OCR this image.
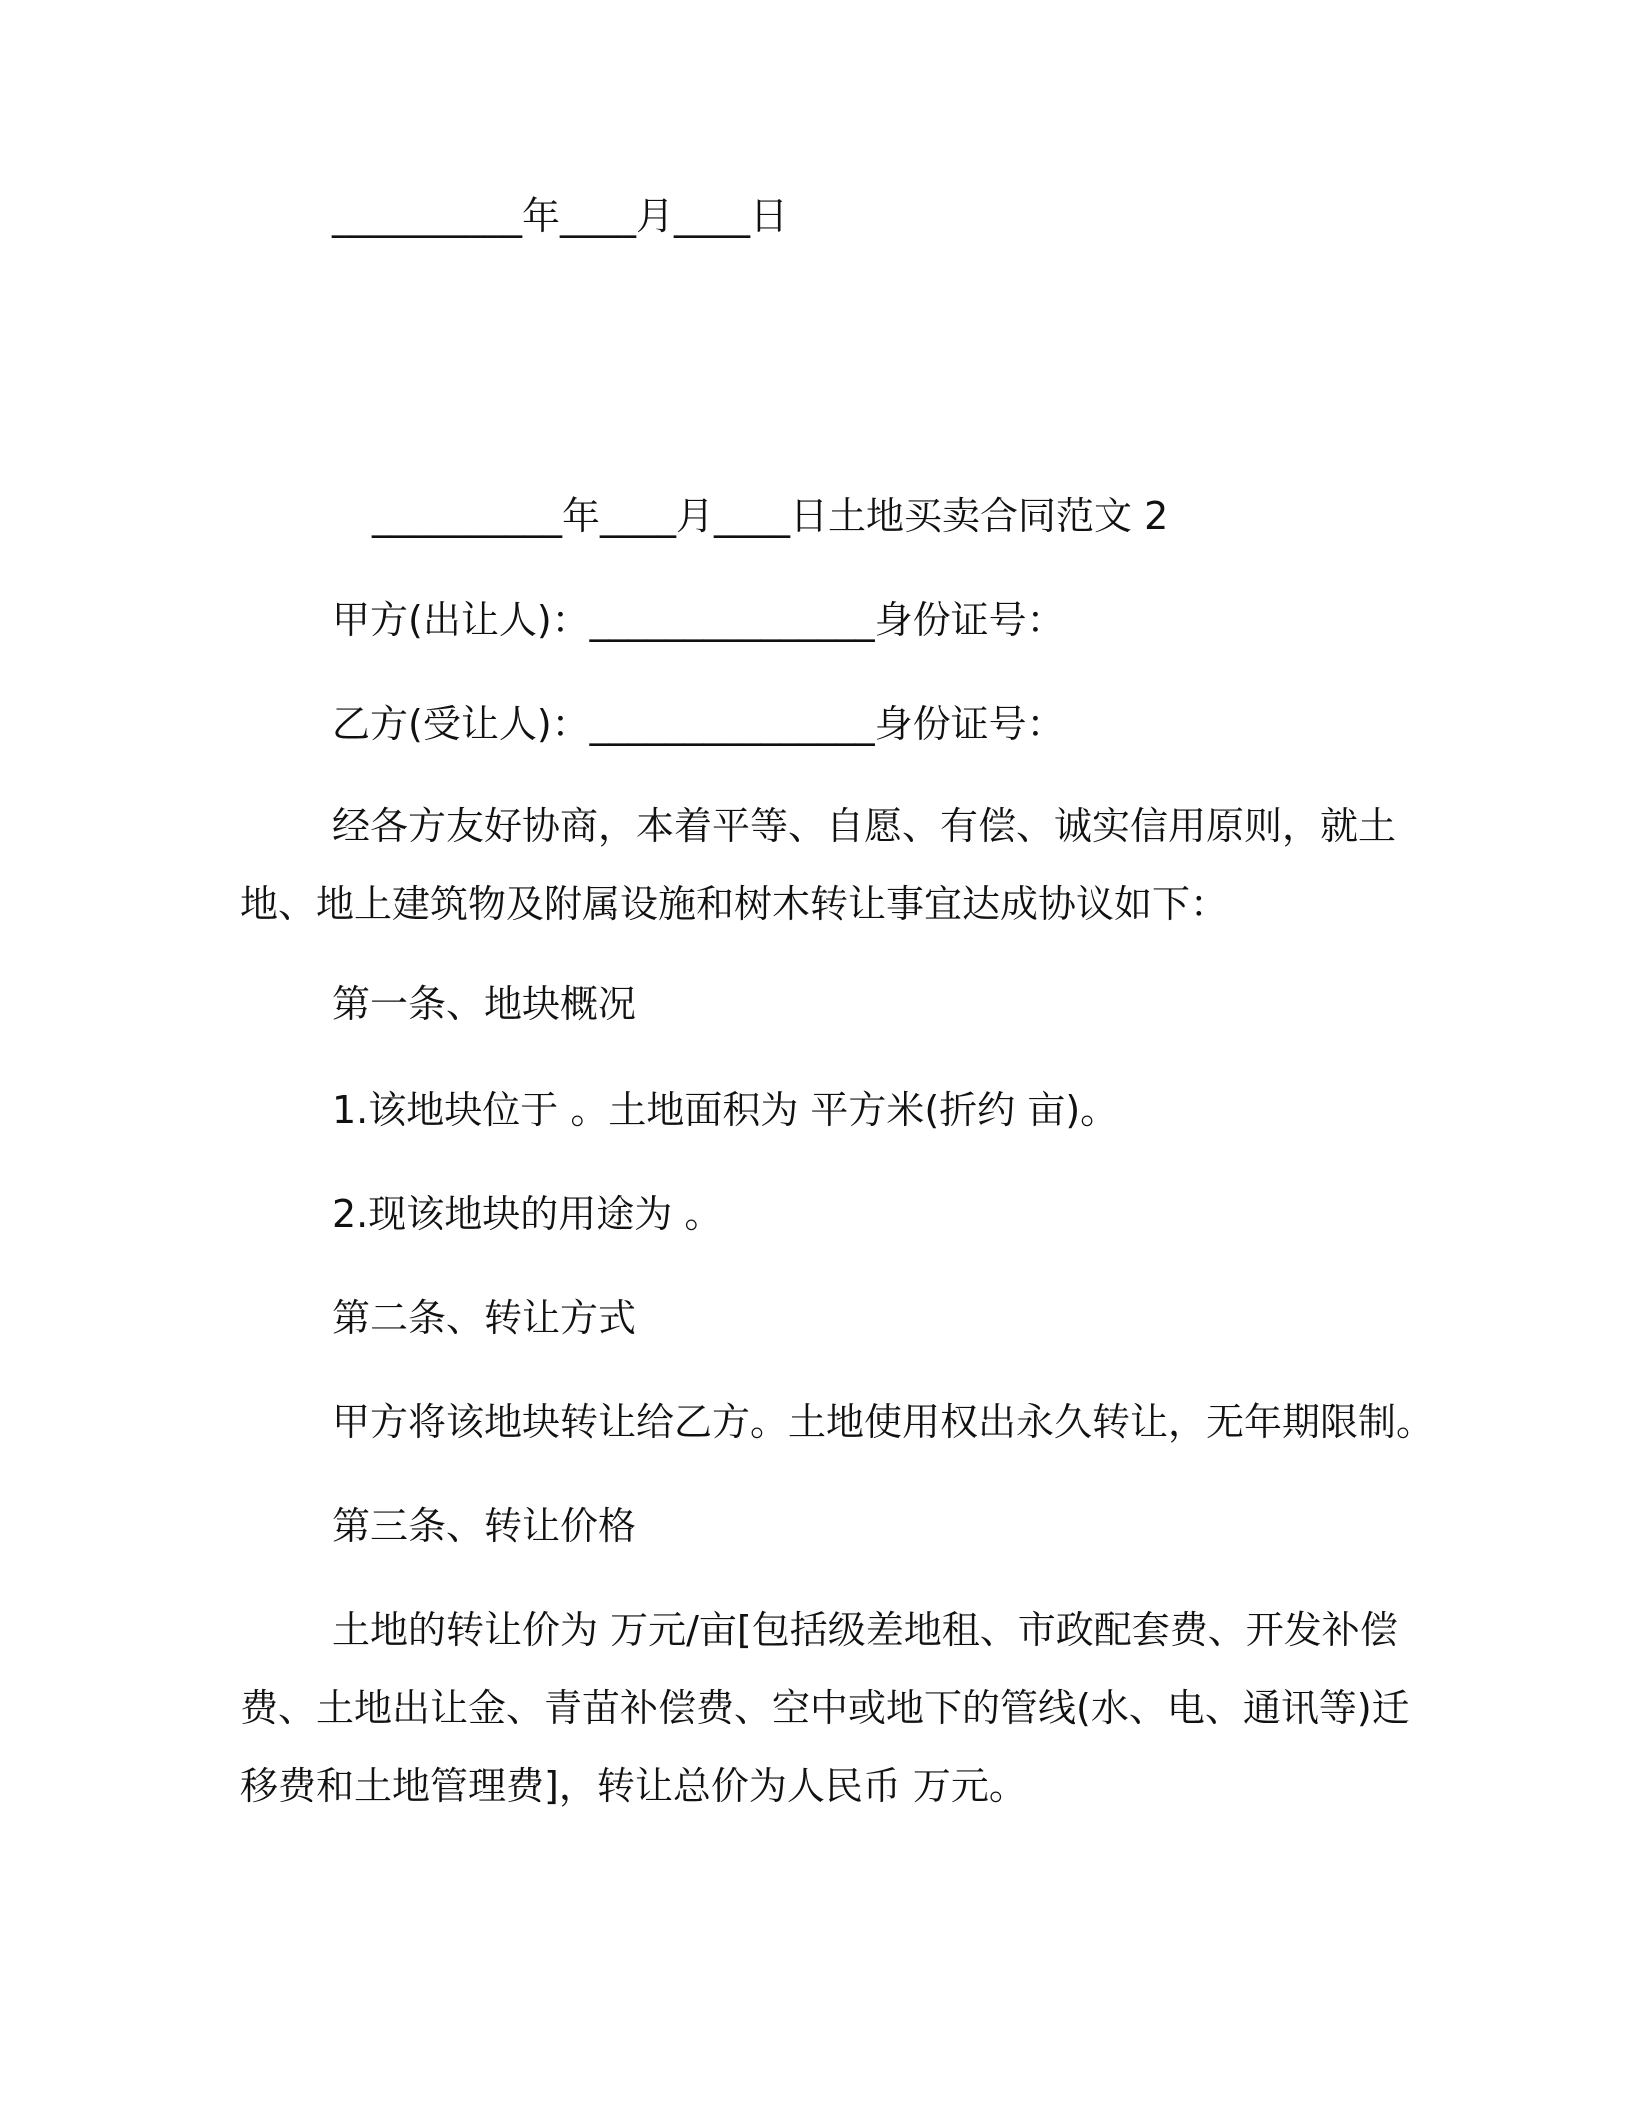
__________年____月____日
__________年____月____日土地买卖合同范文 2
甲方(出让人)：_______________身份证号：
乙方(受让人)：_______________身份证号：
经各方友好协商，本着平等、自愿、有偿、诚实信用原则，就土
地、地上建筑物及附属设施和树木转让事宜达成协议如下：
第一条、地块概况
1.该地块位于 。土地面积为 平方米(折约 亩)。
2.现该地块的用途为 。
第二条、转让方式
甲方将该地块转让给乙方。土地使用权出永久转让，无年期限制。
第三条、转让价格
土地的转让价为 万元/亩[包括级差地租、市政配套费、开发补偿
费、土地出让金、青苗补偿费、空中或地下的管线(水、电、通讯等)迁
移费和土地管理费]，转让总价为人民币 万元。
